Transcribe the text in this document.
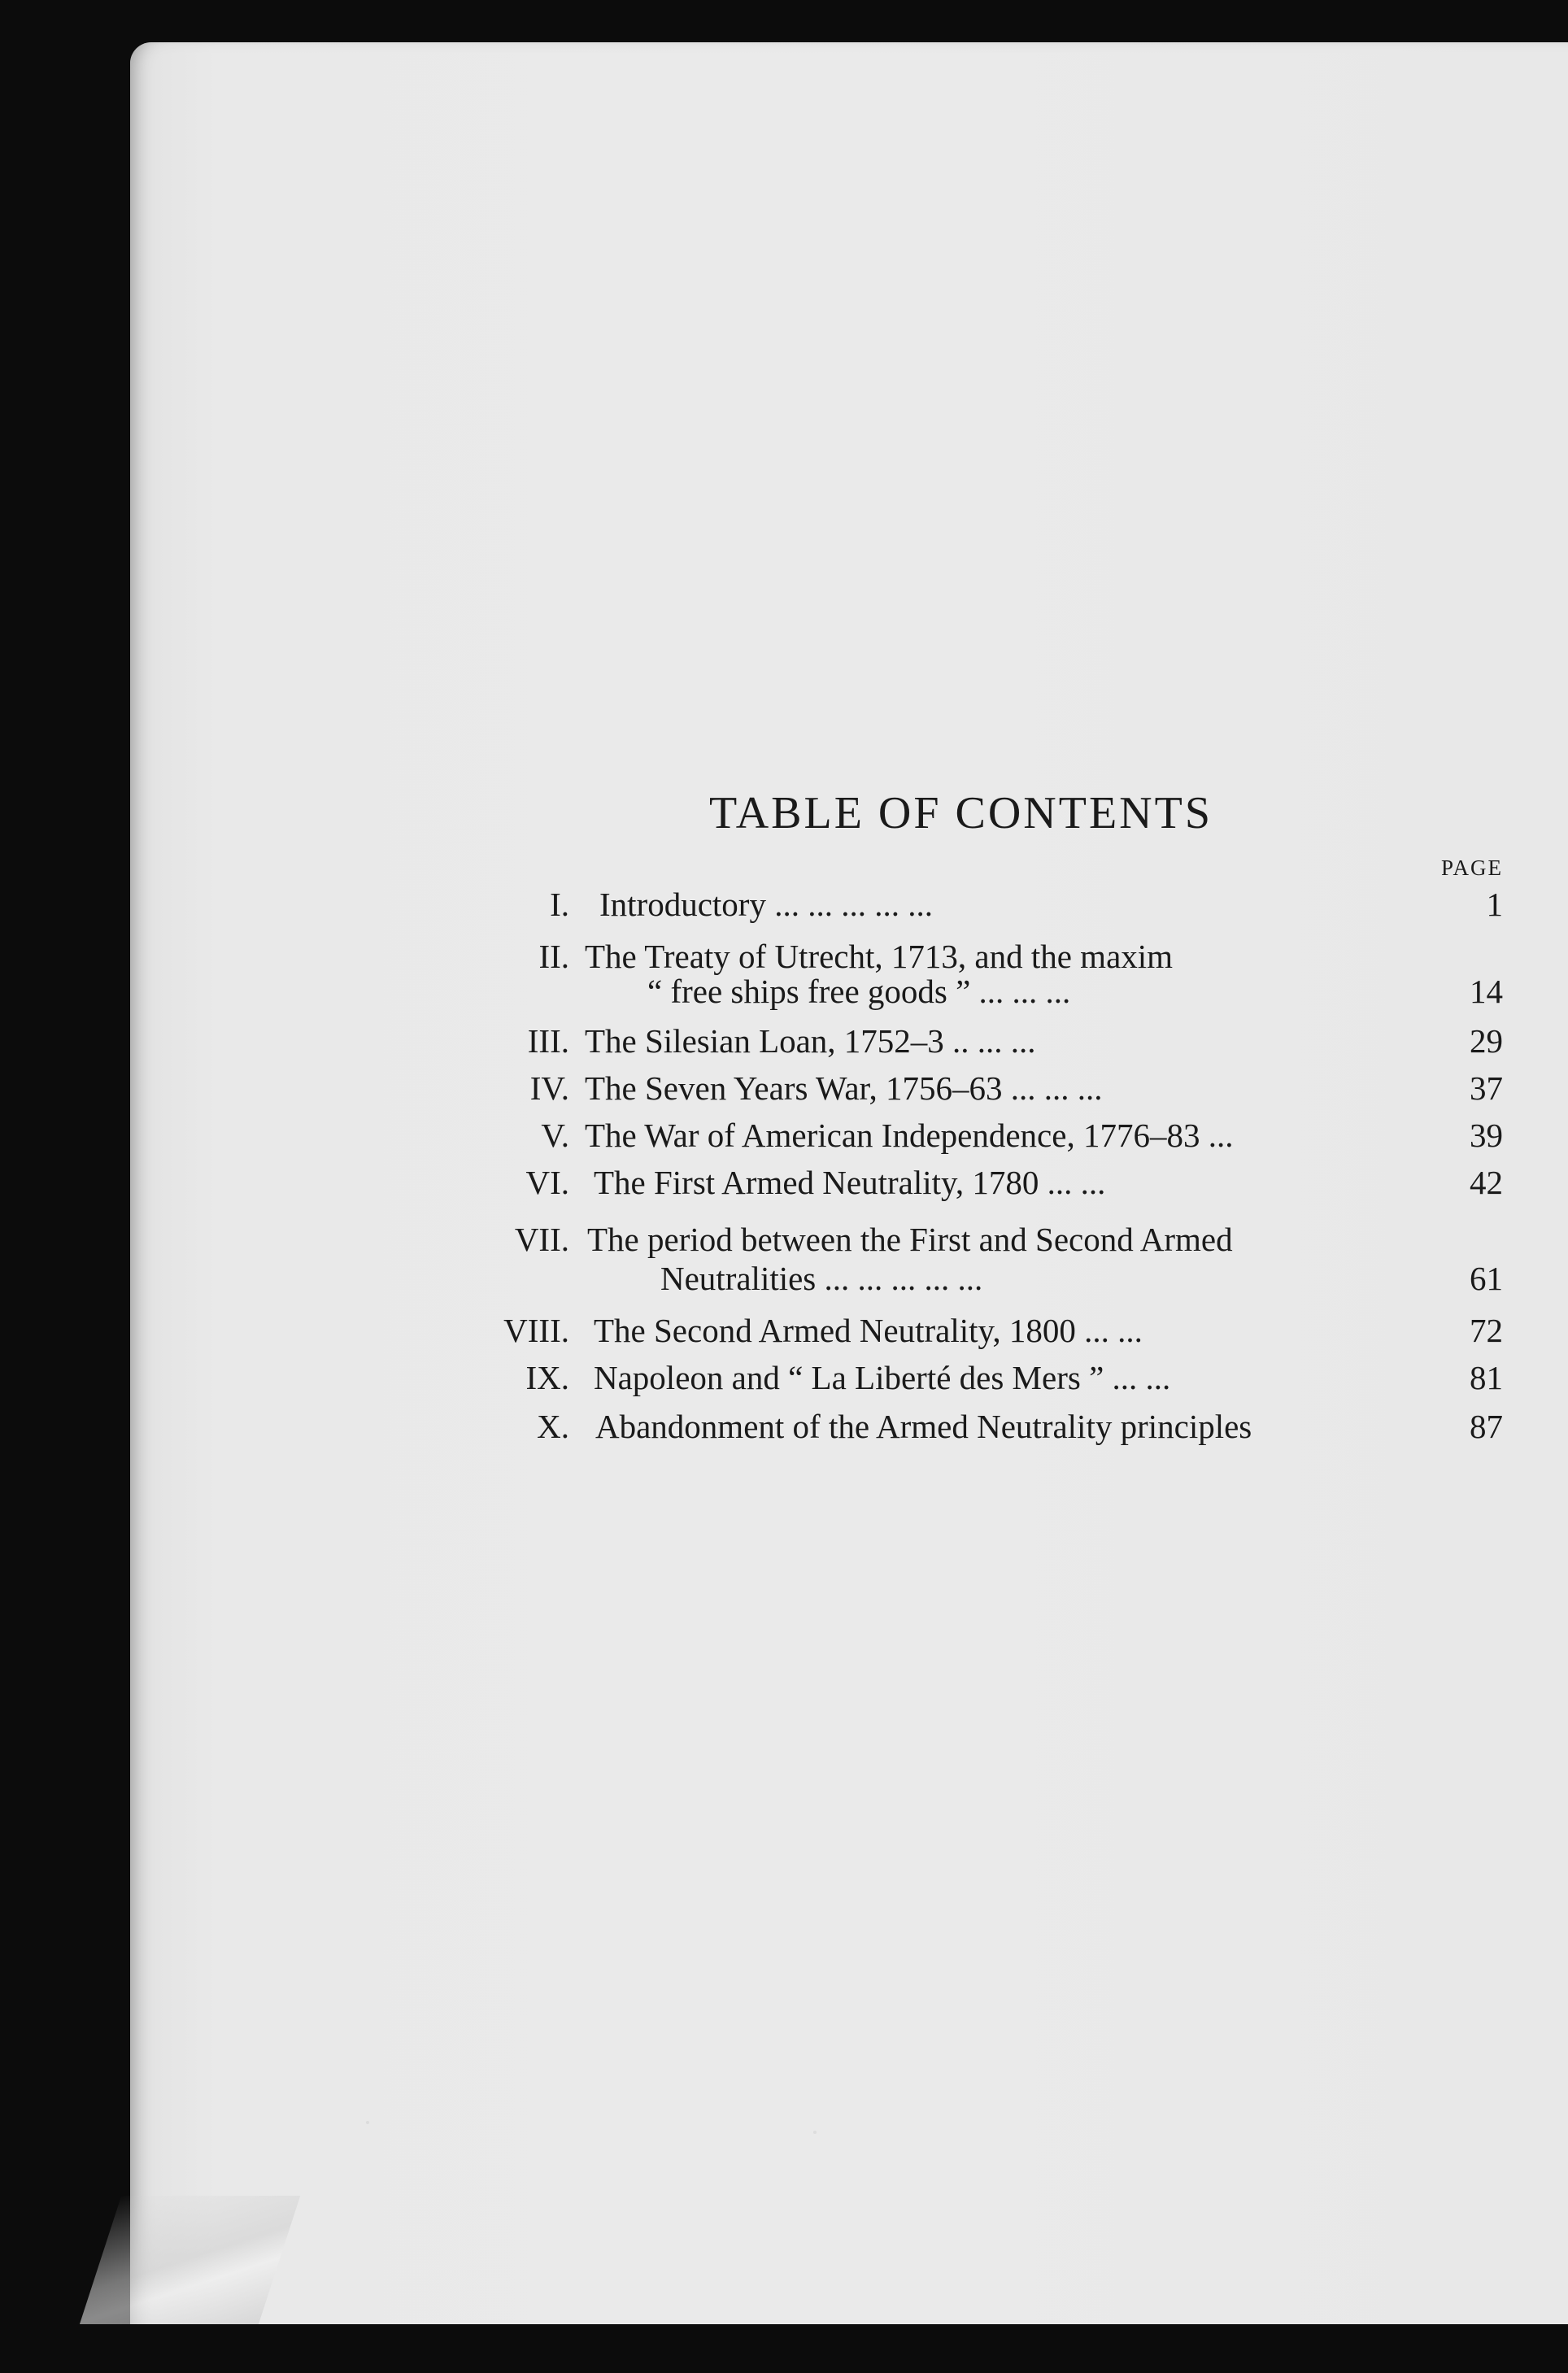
TABLE OF CONTENTS
PAGE
I. Introductory ... ... ... ... ...	1
II. The Treaty of Utrecht, 1713, and the maxim
“ free ships free goods ” ... ... ...	14
III. The Silesian Loan, 1752–3 .. ... ...	29
IV. The Seven Years War, 1756–63 ... ... ...	37
V. The War of American Independence, 1776–83 ...	39
VI. The First Armed Neutrality, 1780 ... ...	42
VII. The period between the First and Second Armed
Neutralities ... ... ... ... ...	61
VIII. The Second Armed Neutrality, 1800 ... ...	72
IX. Napoleon and “ La Liberté des Mers ” ... ...	81
X. Abandonment of the Armed Neutrality principles	87
